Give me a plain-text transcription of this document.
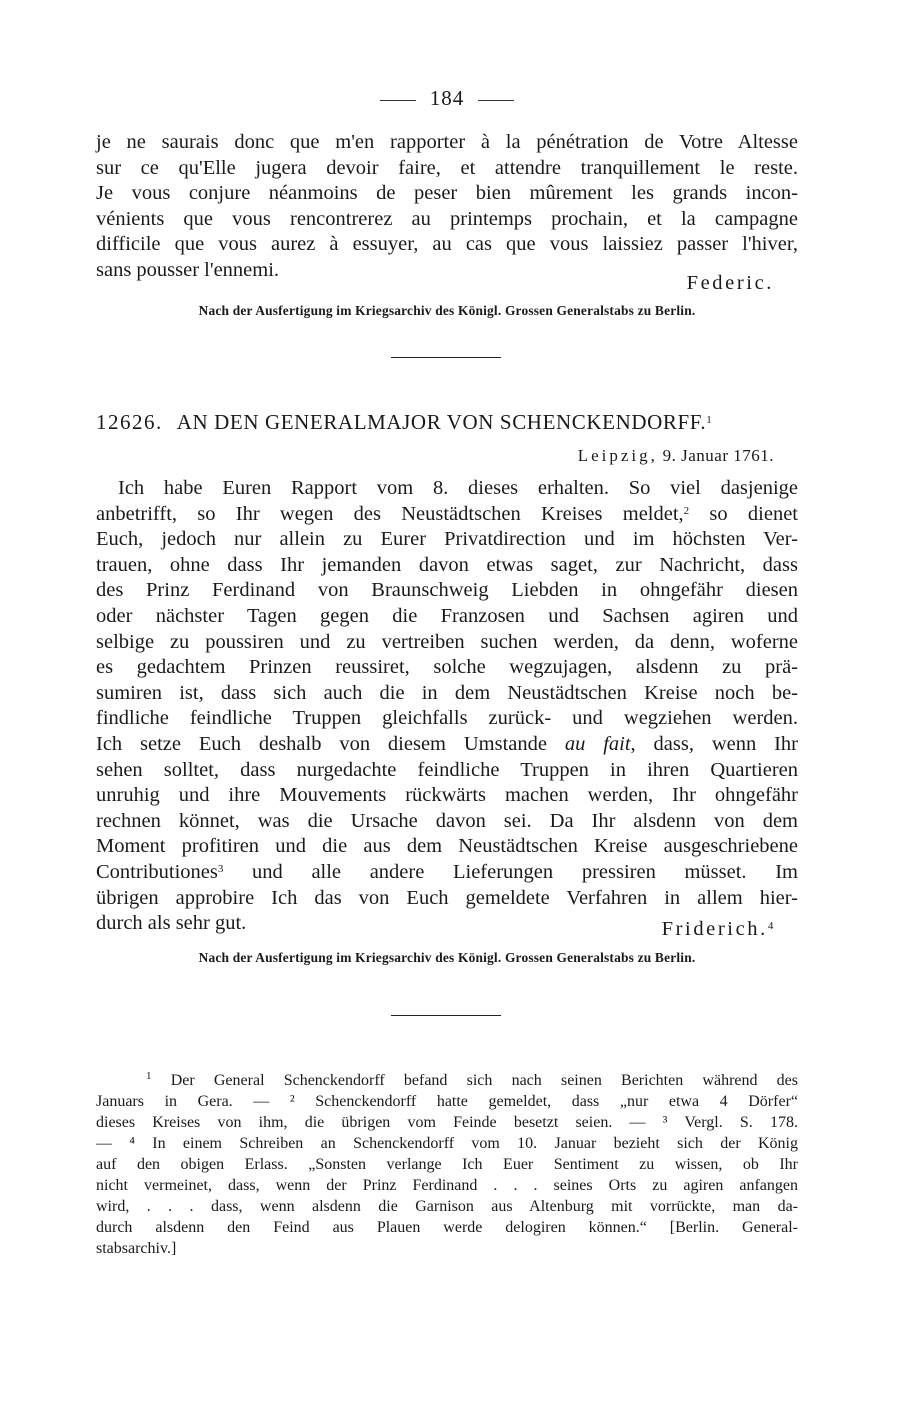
184
je ne saurais donc que m'en rapporter à la pénétration de Votre Altesse
sur ce qu'Elle jugera devoir faire, et attendre tranquillement le reste.
Je vous conjure néanmoins de peser bien mûrement les grands incon-
vénients que vous rencontrerez au printemps prochain, et la campagne
difficile que vous aurez à essuyer, au cas que vous laissiez passer l'hiver,
sans pousser l'ennemi.
Federic.
Nach der Ausfertigung im Kriegsarchiv des Königl. Grossen Generalstabs zu Berlin.
12626. AN DEN GENERALMAJOR VON SCHENCKENDORFF.$^1$
Leipzig, 9. Januar 1761.
Ich habe Euren Rapport vom 8. dieses erhalten. So viel dasjenige
anbetrifft, so Ihr wegen des Neustädtschen Kreises meldet,$^2$ so dienet
Euch, jedoch nur allein zu Eurer Privatdirection und im höchsten Ver-
trauen, ohne dass Ihr jemanden davon etwas saget, zur Nachricht, dass
des Prinz Ferdinand von Braunschweig Liebden in ohngefähr diesen
oder nächster Tagen gegen die Franzosen und Sachsen agiren und
selbige zu poussiren und zu vertreiben suchen werden, da denn, woferne
es gedachtem Prinzen reussiret, solche wegzujagen, alsdenn zu prä-
sumiren ist, dass sich auch die in dem Neustädtschen Kreise noch be-
findliche feindliche Truppen gleichfalls zurück- und wegziehen werden.
Ich setze Euch deshalb von diesem Umstande au fait, dass, wenn Ihr
sehen solltet, dass nurgedachte feindliche Truppen in ihren Quartieren
unruhig und ihre Mouvements rückwärts machen werden, Ihr ohngefähr
rechnen könnet, was die Ursache davon sei. Da Ihr alsdenn von dem
Moment profitiren und die aus dem Neustädtschen Kreise ausgeschriebene
Contributiones$^3$ und alle andere Lieferungen pressiren müsset. Im
übrigen approbire Ich das von Euch gemeldete Verfahren in allem hier-
durch als sehr gut.	Friderich.$^4$
Nach der Ausfertigung im Kriegsarchiv des Königl. Grossen Generalstabs zu Berlin.
$^1$ Der General Schenckendorff befand sich nach seinen Berichten während des
Januars in Gera. — ² Schenckendorff hatte gemeldet, dass „nur etwa 4 Dörfer“
dieses Kreises von ihm, die übrigen vom Feinde besetzt seien. — ³ Vergl. S. 178.
— ⁴ In einem Schreiben an Schenckendorff vom 10. Januar bezieht sich der König
auf den obigen Erlass. „Sonsten verlange Ich Euer Sentiment zu wissen, ob Ihr
nicht vermeinet, dass, wenn der Prinz Ferdinand . . . seines Orts zu agiren anfangen
wird, . . . dass, wenn alsdenn die Garnison aus Altenburg mit vorrückte, man da-
durch alsdenn den Feind aus Plauen werde delogiren können.“ [Berlin. General-
stabsarchiv.]
